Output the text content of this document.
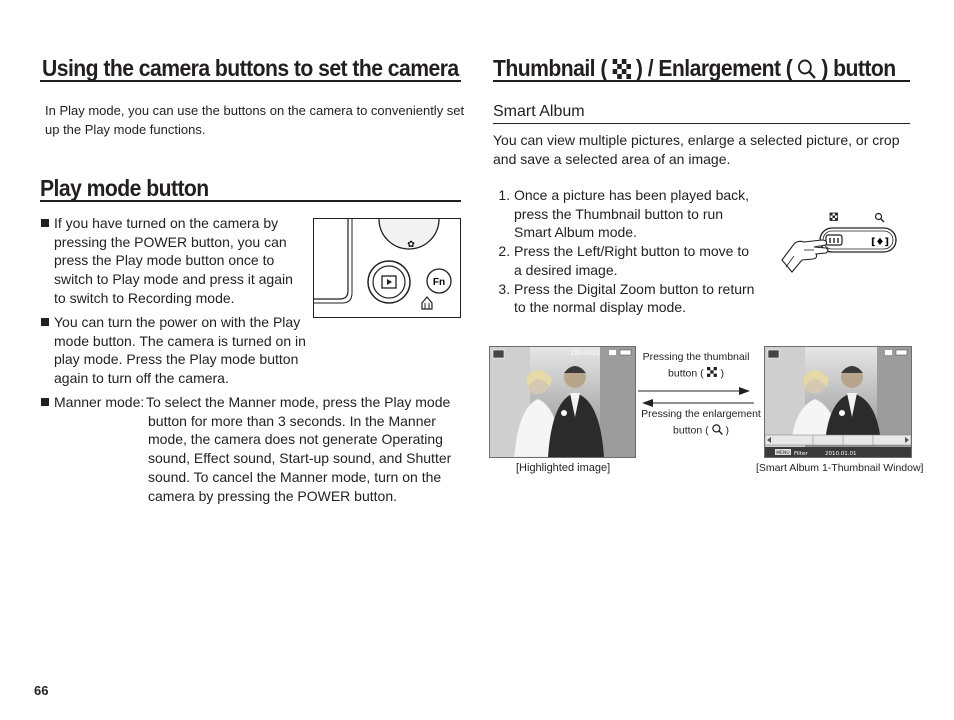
Using the camera buttons to set the camera
In Play mode, you can use the buttons on the camera to conveniently set up the Play mode functions.
Play mode button
If you have turned on the camera by pressing the POWER button, you can press the Play mode button once to switch to Play mode and press it again to switch to Recording mode.
✿
Fn
You can turn the power on with the Play mode button. The camera is turned on in play mode. Press the Play mode button again to turn off the camera.
Manner mode: To select the Manner mode, press the Play mode button for more than 3 seconds. In the Manner mode, the camera does not generate Operating sound, Effect sound, Start-up sound, and Shutter sound. To cancel the Manner mode, turn on the camera by pressing the POWER button.
66
Thumbnail ( ) / Enlargement ( ) button
Smart Album
You can view multiple pictures, enlarge a selected picture, or crop and save a selected area of an image.
1. Once a picture has been played back, press the Thumbnail button to run Smart Album mode.
2. Press the Left/Right button to move to a desired image.
3. Press the Digital Zoom button to return to the normal display mode.
[♦]
100-0010	Pressing the thumbnail
button ( )
Pressing the enlargement
button ( )
MENU Filter	2010.01.01
[Highlighted image]	[Smart Album 1-Thumbnail Window]
